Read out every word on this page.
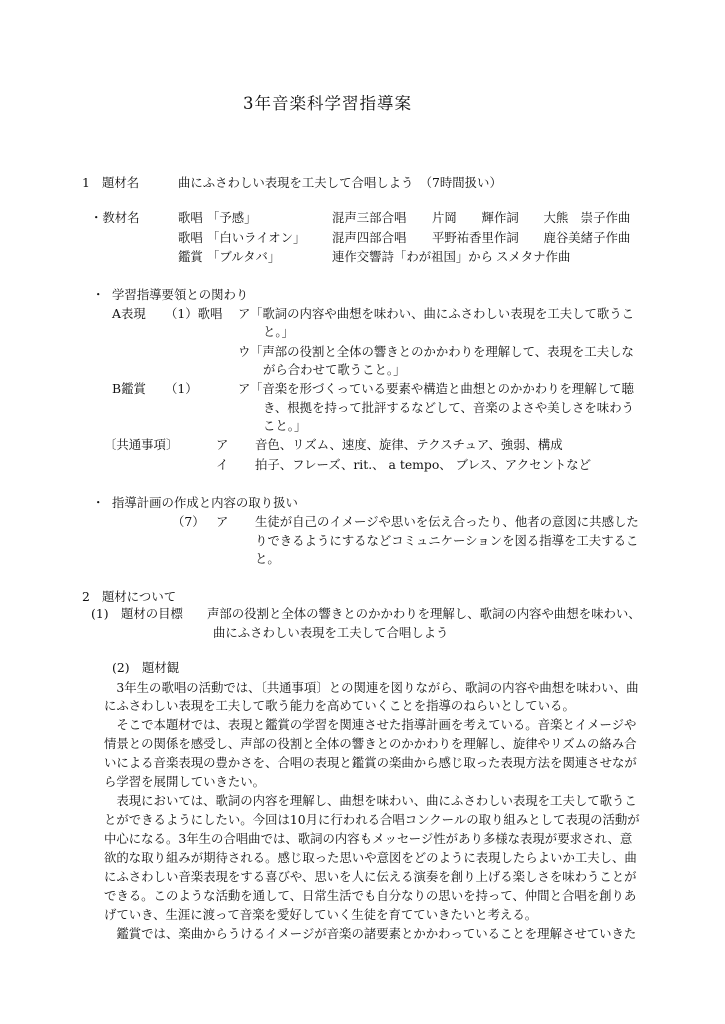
3年音楽科学習指導案
1 題材名	曲にふさわしい表現を工夫して合唱しよう　（7時間扱い）
・教材名	歌唱 「予感」	混声三部合唱 片岡　　輝作詞　　大熊　崇子作曲
歌唱 「白いライオン」 混声四部合唱 平野祐香里作詞　　鹿谷美緒子作曲
鑑賞 「ブルタバ」	連作交響詩「わが祖国」から スメタナ作曲
・ 学習指導要領との関わり
A表現 （1）歌唱 ア 「歌詞の内容や曲想を味わい、曲にふさわしい表現を工夫して歌うこ
と。」
ウ 「声部の役割と全体の響きとのかかわりを理解して、表現を工夫しな
がら合わせて歌うこと。」
B鑑賞 （1）	ア 「音楽を形づくっている要素や構造と曲想とのかかわりを理解して聴
き、根拠を持って批評するなどして、音楽のよさや美しさを味わう
こと。」
〔共通事項〕	ア 音色、リズム、速度、旋律、テクスチュア、強弱、構成
イ 拍子、フレーズ、rit.、 a tempo、 ブレス、アクセントなど
・ 指導計画の作成と内容の取り扱い
（7） ア 生徒が自己のイメージや思いを伝え合ったり、他者の意図に共感した
りできるようにするなどコミュニケーションを図る指導を工夫するこ
と。
2 題材について
(1)　題材の目標 声部の役割と全体の響きとのかかわりを理解し、歌詞の内容や曲想を味わい、
曲にふさわしい表現を工夫して合唱しよう
(2)　題材観
　3年生の歌唱の活動では、〔共通事項〕との関連を図りながら、歌詞の内容や曲想を味わい、曲
にふさわしい表現を工夫して歌う能力を高めていくことを指導のねらいとしている。
　そこで本題材では、表現と鑑賞の学習を関連させた指導計画を考えている。音楽とイメージや
情景との関係を感受し、声部の役割と全体の響きとのかかわりを理解し、旋律やリズムの絡み合
いによる音楽表現の豊かさを、合唱の表現と鑑賞の楽曲から感じ取った表現方法を関連させなが
ら学習を展開していきたい。
　表現においては、歌詞の内容を理解し、曲想を味わい、曲にふさわしい表現を工夫して歌うこ
とができるようにしたい。今回は10月に行われる合唱コンクールの取り組みとして表現の活動が
中心になる。3年生の合唱曲では、歌詞の内容もメッセージ性があり多様な表現が要求され、意
欲的な取り組みが期待される。感じ取った思いや意図をどのように表現したらよいか工夫し、曲
にふさわしい音楽表現をする喜びや、思いを人に伝える演奏を創り上げる楽しさを味わうことが
できる。このような活動を通して、日常生活でも自分なりの思いを持って、仲間と合唱を創りあ
げていき、生涯に渡って音楽を愛好していく生徒を育てていきたいと考える。
　鑑賞では、楽曲からうけるイメージが音楽の諸要素とかかわっていることを理解させていきた
